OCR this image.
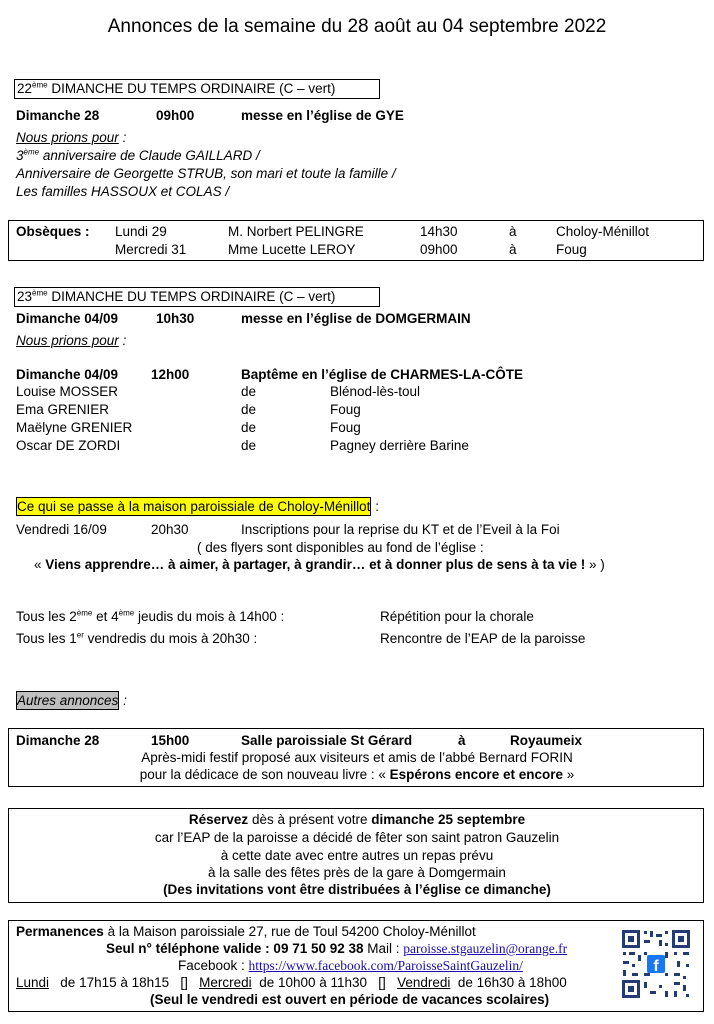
Annonces de la semaine du 28 août au 04 septembre 2022
22ème DIMANCHE DU TEMPS ORDINAIRE (C – vert)
Dimanche 28	09h00	messe en l’église de GYE
Nous prions pour :
3ème anniversaire de Claude GAILLARD /
Anniversaire de Georgette STRUB, son mari et toute la famille /
Les familles HASSOUX et COLAS /
Obsèques : Lundi 29	M. Norbert PELINGRE	14h30	à	Choloy-Ménillot
Mercredi 31	Mme Lucette LEROY	09h00	à	Foug
23ème DIMANCHE DU TEMPS ORDINAIRE (C – vert)
Dimanche 04/09	10h30	messe en l’église de DOMGERMAIN
Nous prions pour :
Dimanche 04/09 12h00	Baptême en l’église de CHARMES-LA-CÔTE
Louise MOSSER	de	Blénod-lès-toul
Ema GRENIER	de	Foug
Maëlyne GRENIER	de	Foug
Oscar DE ZORDI	de	Pagney derrière Barine
Ce qui se passe à la maison paroissiale de Choloy-Ménillot :
Vendredi 16/09	20h30	Inscriptions pour la reprise du KT et de l’Eveil à la Foi
( des flyers sont disponibles au fond de l’église :
« Viens apprendre… à aimer, à partager, à grandir… et à donner plus de sens à ta vie ! » )
Tous les 2ème et 4ème jeudis du mois à 14h00 :	Répétition pour la chorale
Tous les 1er vendredis du mois à 20h30 :	Rencontre de l’EAP de la paroisse
Autres annonces :
Dimanche 28	15h00	Salle paroissiale St Gérard	à	Royaumeix
Après-midi festif proposé aux visiteurs et amis de l’abbé Bernard FORIN
pour la dédicace de son nouveau livre : « Espérons encore et encore »
Réservez dès à présent votre dimanche 25 septembre
car l’EAP de la paroisse a décidé de fêter son saint patron Gauzelin
à cette date avec entre autres un repas prévu
à la salle des fêtes près de la gare à Domgermain
(Des invitations vont être distribuées à l’église ce dimanche)
Permanences à la Maison paroissiale 27, rue de Toul 54200 Choloy-Ménillot
Seul n° téléphone valide : 09 71 50 92 38 Mail : paroisse.stgauzelin@orange.fr
Facebook : https://www.facebook.com/ParoisseSaintGauzelin/
Lundi   de 17h15 à 18h15   []   Mercredi  de 10h00 à 11h30   []   Vendredi  de 16h30 à 18h00
(Seul le vendredi est ouvert en période de vacances scolaires)
f
